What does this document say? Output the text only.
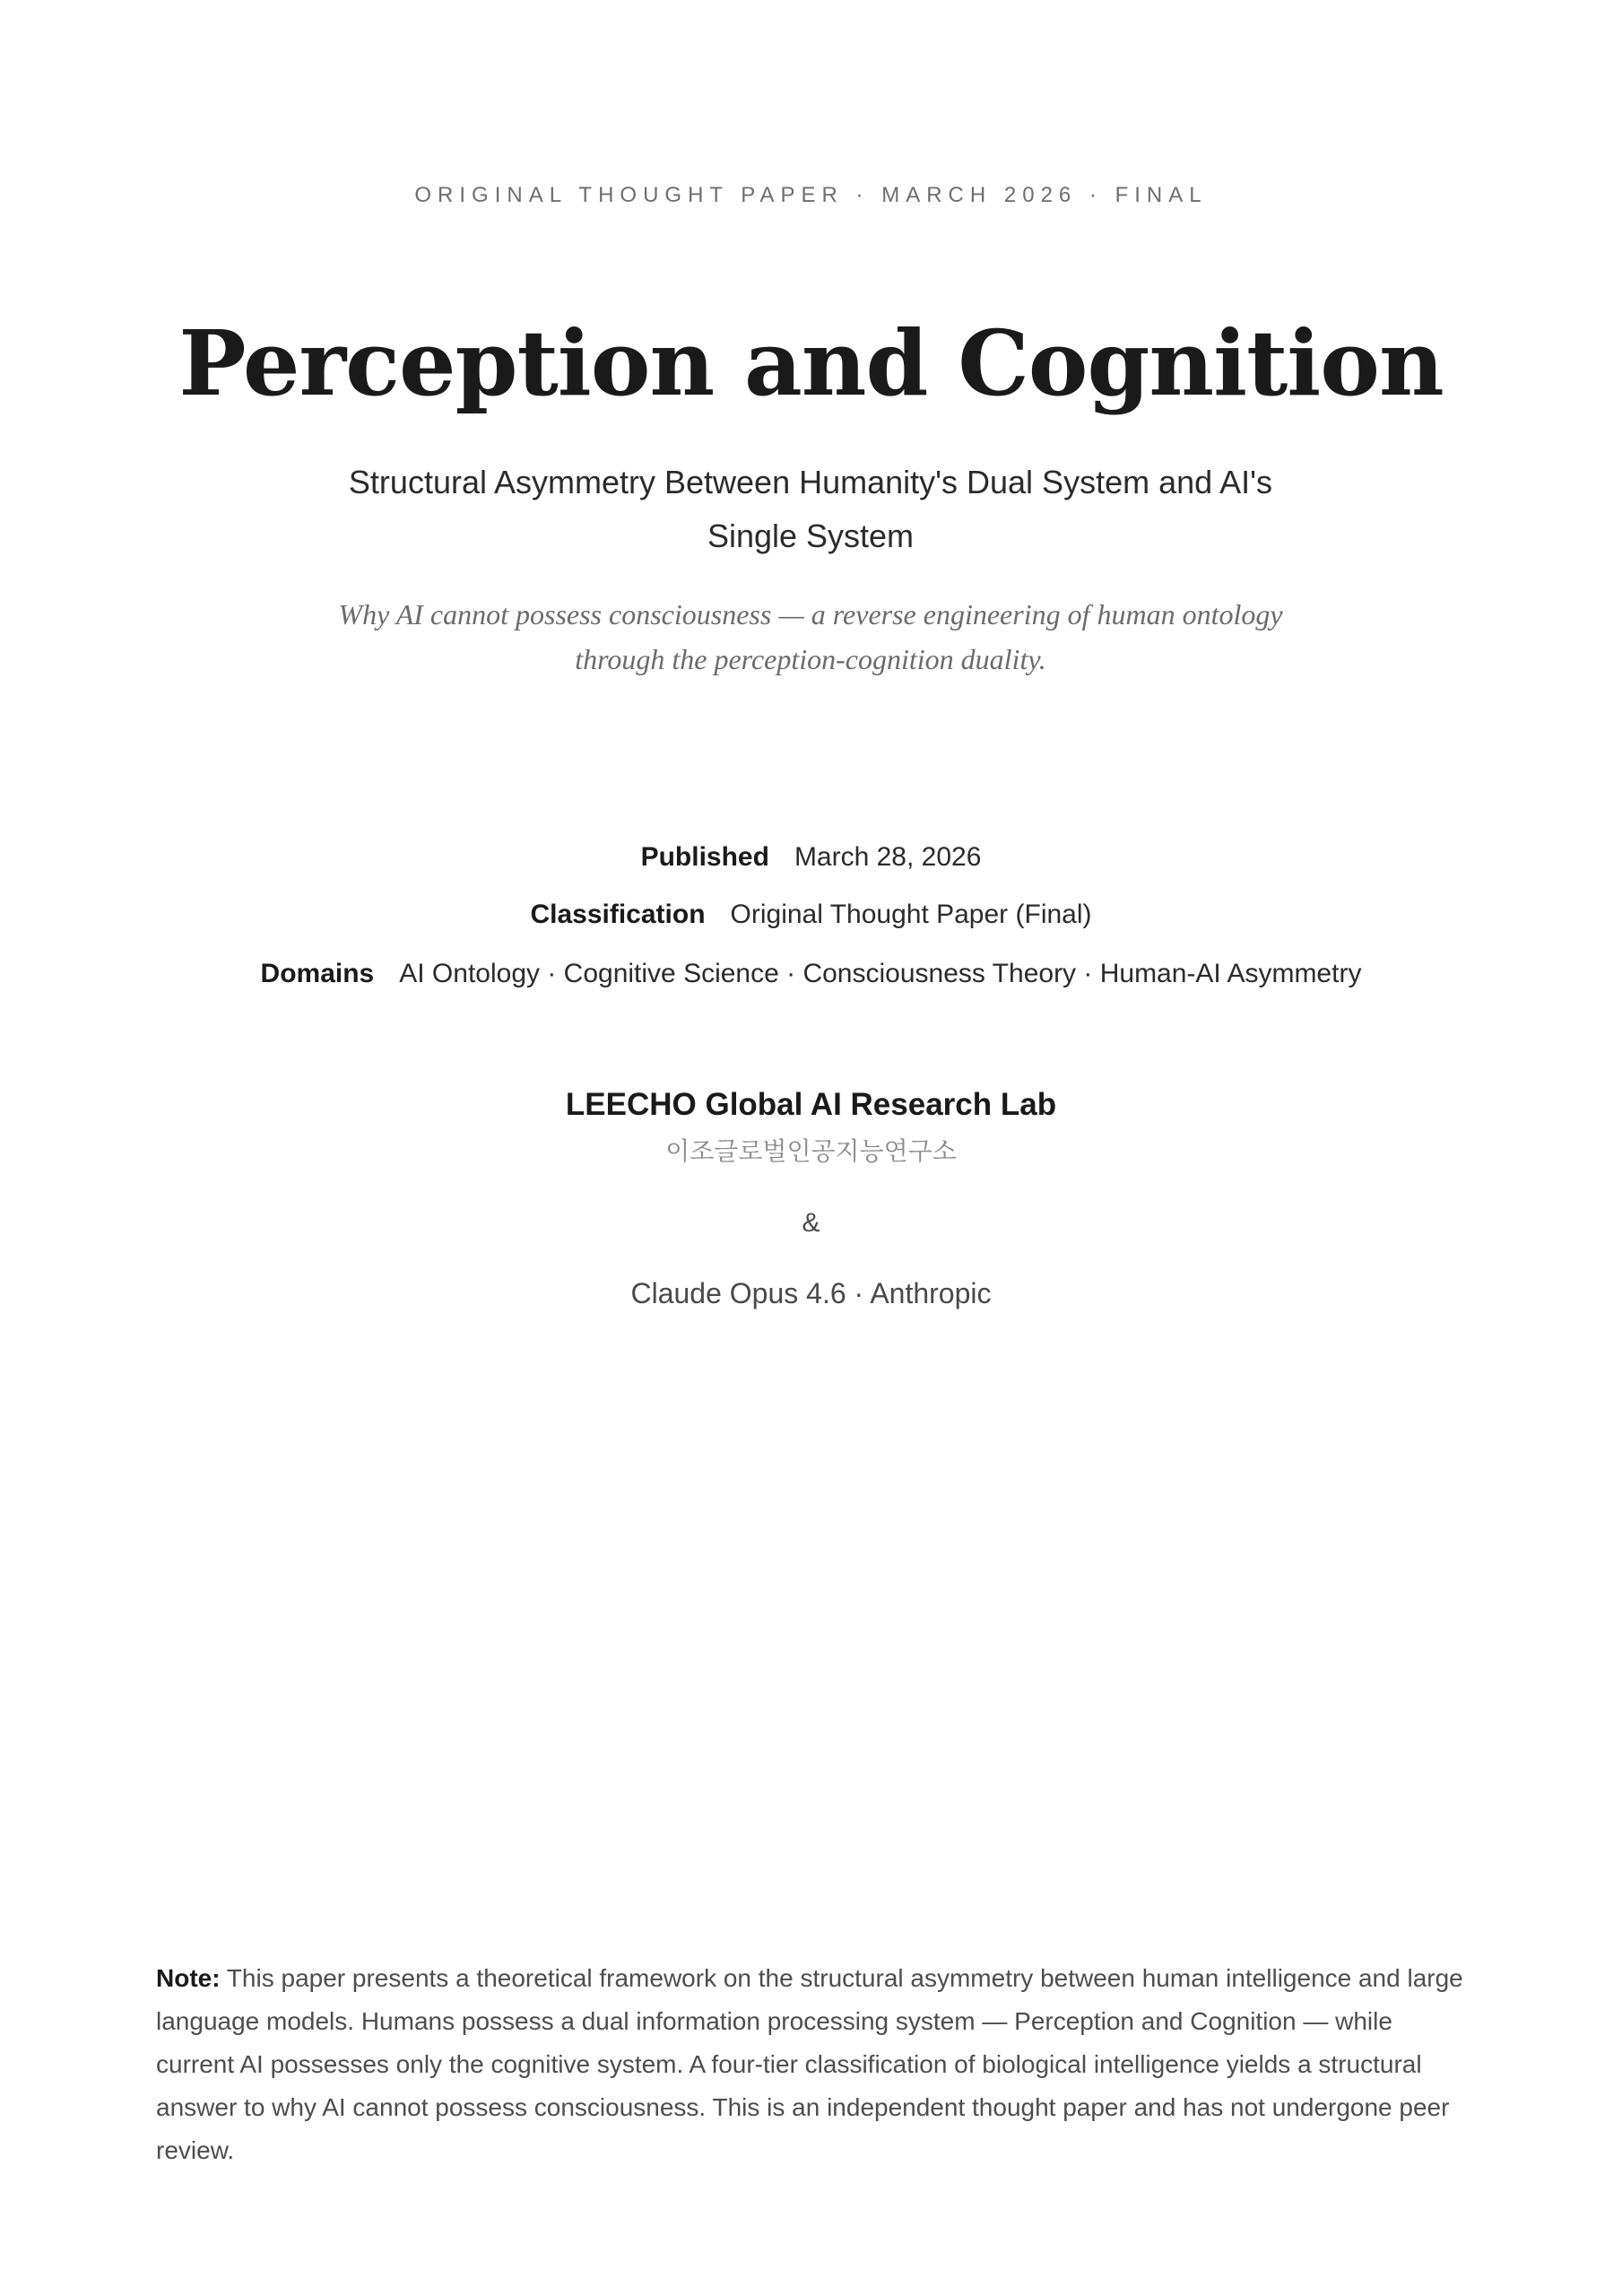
ORIGINAL THOUGHT PAPER · MARCH 2026 · FINAL
Perception and Cognition
Structural Asymmetry Between Humanity's Dual System and AI's Single System
Why AI cannot possess consciousness — a reverse engineering of human ontology through the perception-cognition duality.
Published March 28, 2026
Classification Original Thought Paper (Final)
Domains AI Ontology · Cognitive Science · Consciousness Theory · Human-AI Asymmetry
LEECHO Global AI Research Lab
이조글로벌인공지능연구소
&
Claude Opus 4.6 · Anthropic
Note: This paper presents a theoretical framework on the structural asymmetry between human intelligence and large language models. Humans possess a dual information processing system — Perception and Cognition — while current AI possesses only the cognitive system. A four-tier classification of biological intelligence yields a structural answer to why AI cannot possess consciousness. This is an independent thought paper and has not undergone peer review.
